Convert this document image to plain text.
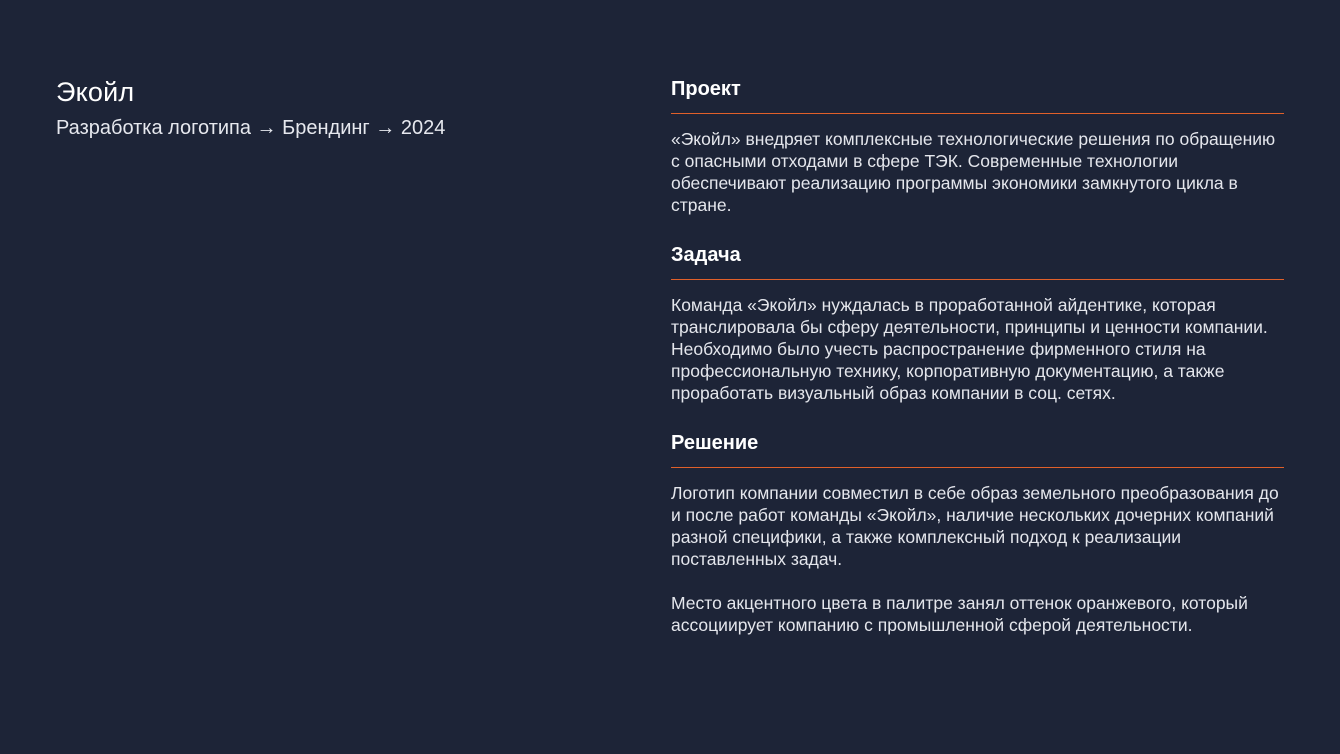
Экойл
Разработка логотипа → Брендинг → 2024
Проект

«Экойл» внедряет комплексные технологические решения по обращению с опасными отходами в сфере ТЭК. Современные технологии обеспечивают реализацию программы экономики замкнутого цикла в стране.

Задача

Команда «Экойл» нуждалась в проработанной айдентике, которая транслировала бы сферу деятельности, принципы и ценности компании. Необходимо было учесть распространение фирменного стиля на профессиональную технику, корпоративную документацию, а также проработать визуальный образ компании в соц. сетях.

Решение

Логотип компании совместил в себе образ земельного преобразования до и после работ команды «Экойл», наличие нескольких дочерних компаний разной специфики, а также комплексный подход к реализации поставленных задач.

Место акцентного цвета в палитре занял оттенок оранжевого, который ассоциирует компанию с промышленной сферой деятельности.
